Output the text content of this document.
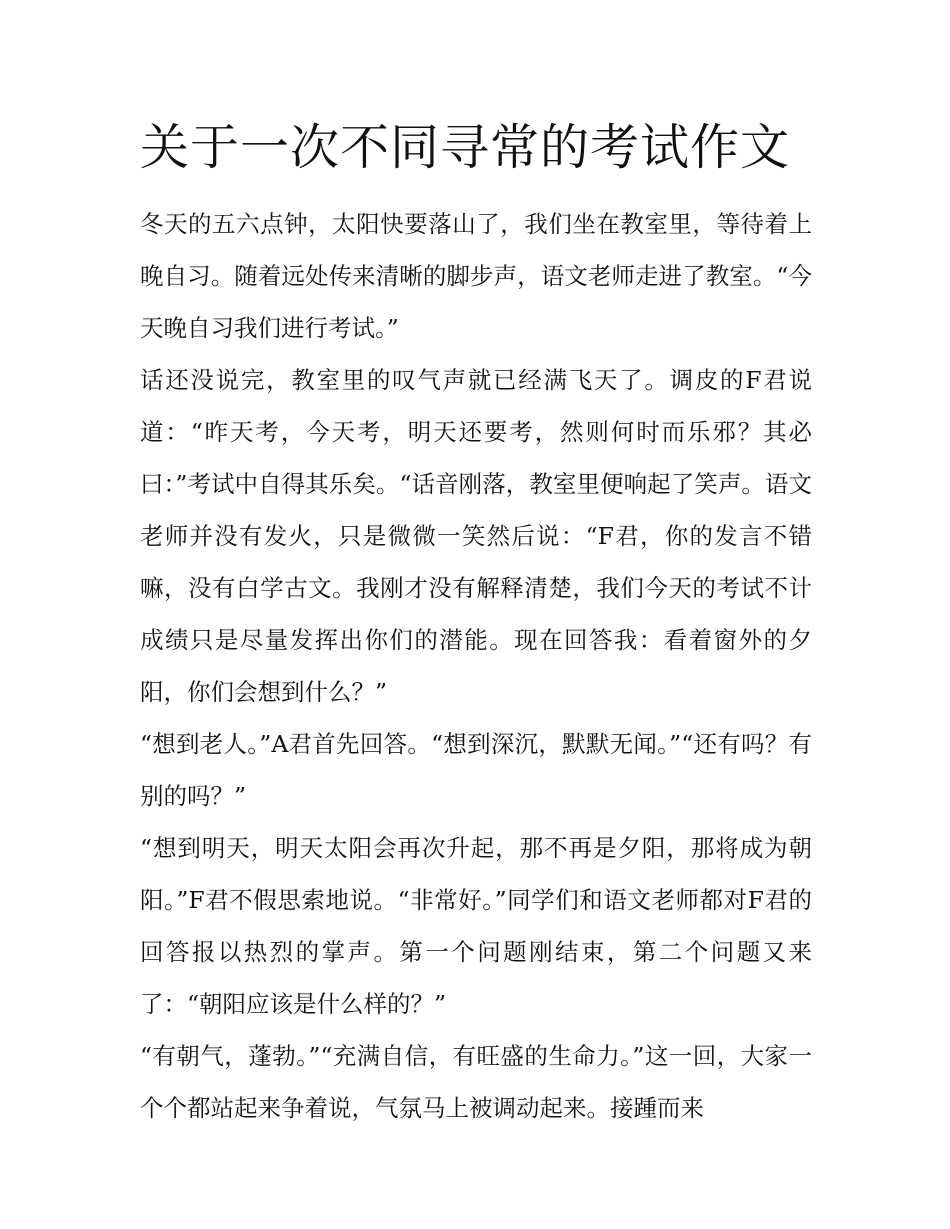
关于一次不同寻常的考试作文

冬天的五六点钟，太阳快要落山了，我们坐在教室里，等待着上晚自习。随着远处传来清晰的脚步声，语文老师走进了教室。“今天晚自习我们进行考试。”

话还没说完，教室里的叹气声就已经满飞天了。调皮的F君说道：“昨天考，今天考，明天还要考，然则何时而乐邪？其必曰：”考试中自得其乐矣。“话音刚落，教室里便响起了笑声。语文老师并没有发火，只是微微一笑然后说：“F君，你的发言不错嘛，没有白学古文。我刚才没有解释清楚，我们今天的考试不计成绩只是尽量发挥出你们的潜能。现在回答我：看着窗外的夕阳，你们会想到什么？”

“想到老人。”A君首先回答。“想到深沉，默默无闻。”“还有吗？有别的吗？”

“想到明天，明天太阳会再次升起，那不再是夕阳，那将成为朝阳。”F君不假思索地说。“非常好。”同学们和语文老师都对F君的回答报以热烈的掌声。第一个问题刚结束，第二个问题又来了：“朝阳应该是什么样的？”

“有朝气，蓬勃。”“充满自信，有旺盛的生命力。”这一回，大家一个个都站起来争着说，气氛马上被调动起来。接踵而来
